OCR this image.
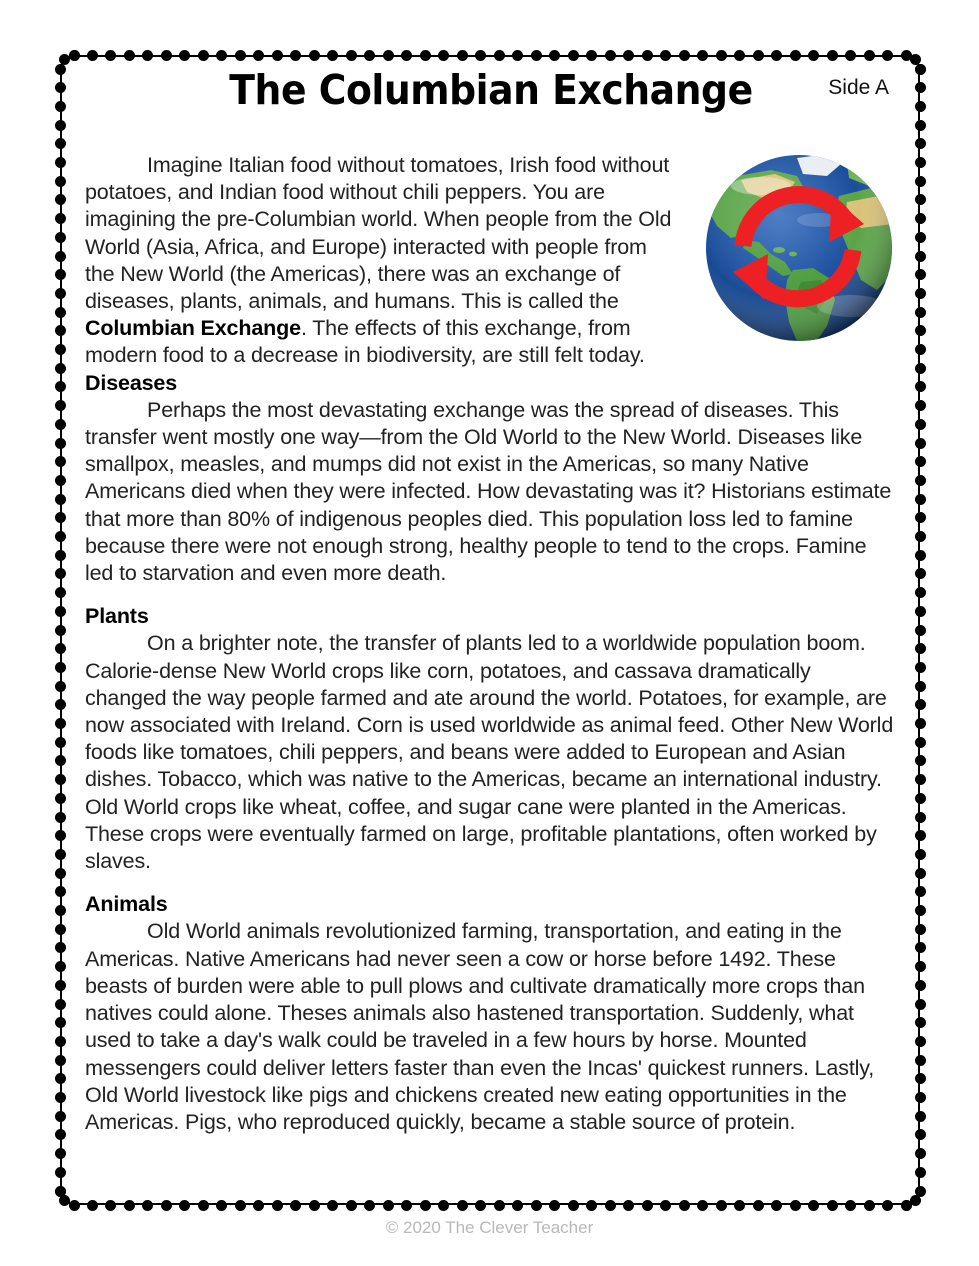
The Columbian Exchange	Side A

Imagine Italian food without tomatoes, Irish food without potatoes, and Indian food without chili peppers. You are imagining the pre-Columbian world. When people from the Old World (Asia, Africa, and Europe) interacted with people from the New World (the Americas), there was an exchange of diseases, plants, animals, and humans. This is called the Columbian Exchange. The effects of this exchange, from modern food to a decrease in biodiversity, are still felt today.

Diseases

Perhaps the most devastating exchange was the spread of diseases. This transfer went mostly one way—from the Old World to the New World. Diseases like smallpox, measles, and mumps did not exist in the Americas, so many Native Americans died when they were infected. How devastating was it? Historians estimate that more than 80% of indigenous peoples died. This population loss led to famine because there were not enough strong, healthy people to tend to the crops. Famine led to starvation and even more death.

Plants

On a brighter note, the transfer of plants led to a worldwide population boom. Calorie-dense New World crops like corn, potatoes, and cassava dramatically changed the way people farmed and ate around the world. Potatoes, for example, are now associated with Ireland. Corn is used worldwide as animal feed. Other New World foods like tomatoes, chili peppers, and beans were added to European and Asian dishes. Tobacco, which was native to the Americas, became an international industry. Old World crops like wheat, coffee, and sugar cane were planted in the Americas. These crops were eventually farmed on large, profitable plantations, often worked by slaves.

Animals

Old World animals revolutionized farming, transportation, and eating in the Americas. Native Americans had never seen a cow or horse before 1492. These beasts of burden were able to pull plows and cultivate dramatically more crops than natives could alone. Theses animals also hastened transportation. Suddenly, what used to take a day's walk could be traveled in a few hours by horse. Mounted messengers could deliver letters faster than even the Incas' quickest runners. Lastly, Old World livestock like pigs and chickens created new eating opportunities in the Americas. Pigs, who reproduced quickly, became a stable source of protein.

© 2020 The Clever Teacher
